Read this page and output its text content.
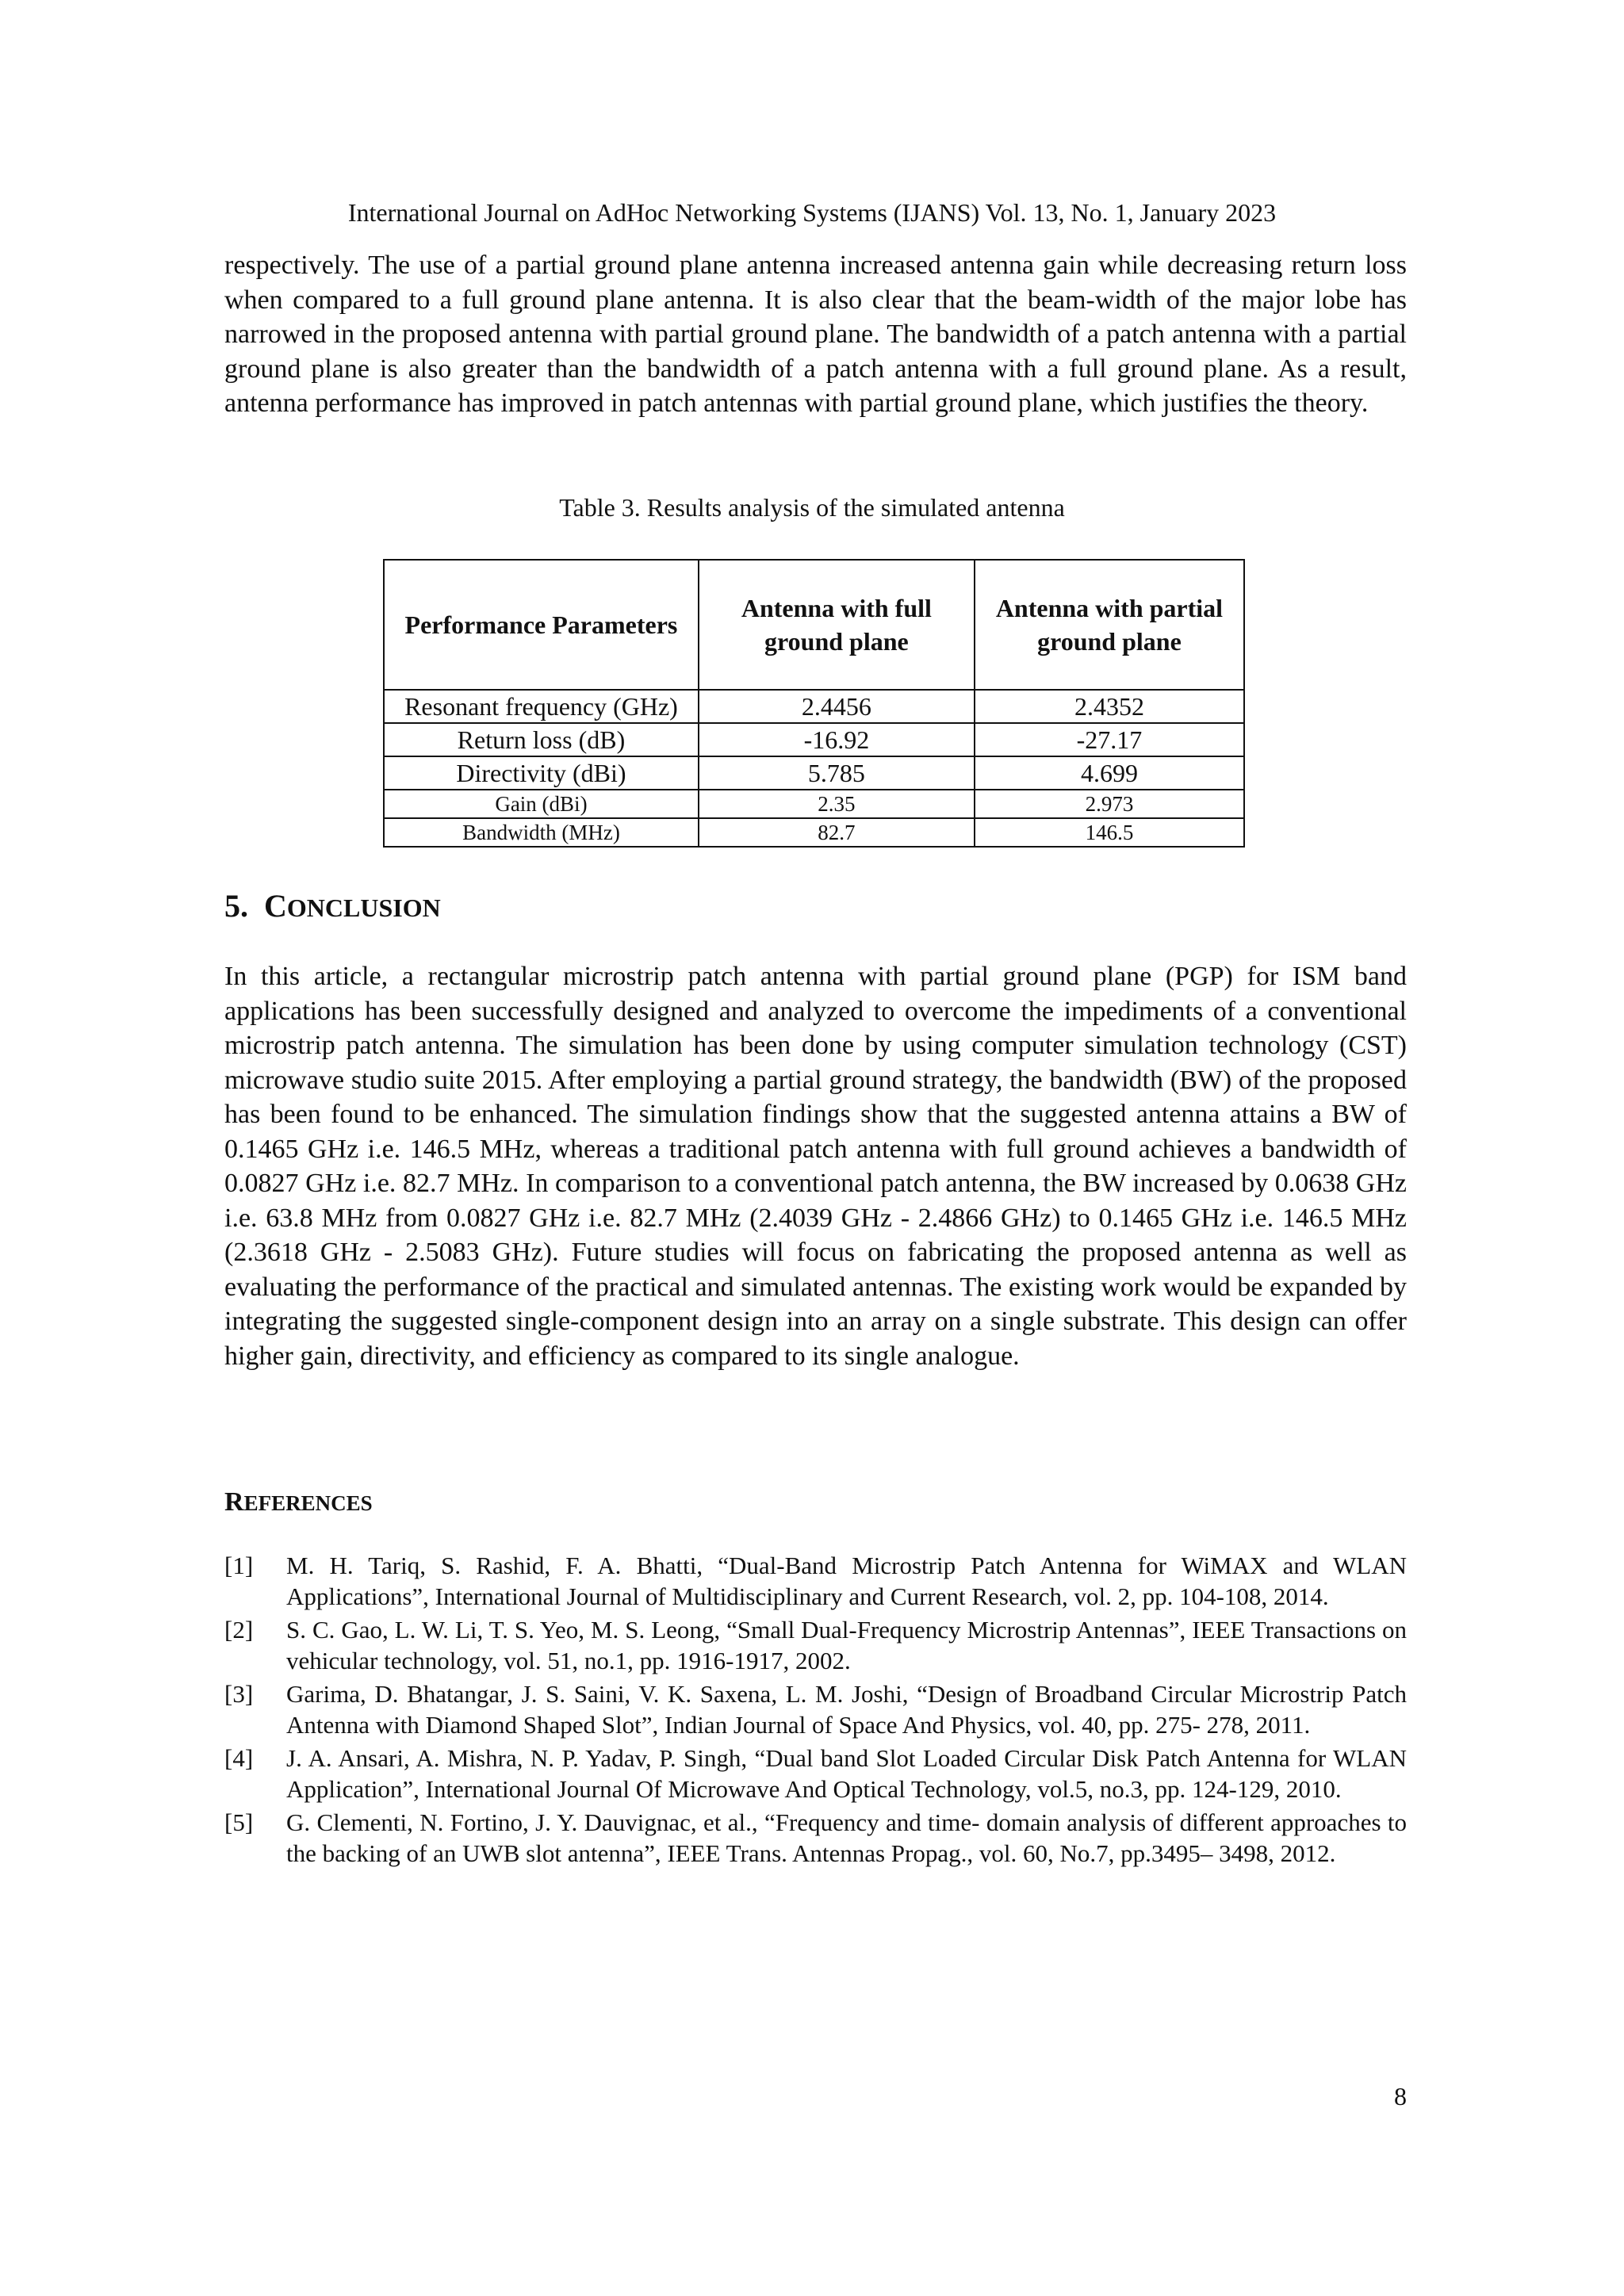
International Journal on AdHoc Networking Systems (IJANS) Vol. 13, No. 1, January 2023

respectively. The use of a partial ground plane antenna increased antenna gain while decreasing return loss when compared to a full ground plane antenna. It is also clear that the beam-width of the major lobe has narrowed in the proposed antenna with partial ground plane. The bandwidth of a patch antenna with a partial ground plane is also greater than the bandwidth of a patch antenna with a full ground plane. As a result, antenna performance has improved in patch antennas with partial ground plane, which justifies the theory.

Table 3. Results analysis of the simulated antenna
Performance Parameters	Antenna with full ground plane	Antenna with partial ground plane

Resonant frequency (GHz)	2.4456	2.4352
Return loss (dB)	-16.92	-27.17
Directivity (dBi)	5.785	4.699
Gain (dBi)	2.35	2.973
Bandwidth (MHz)	82.7	146.5
5. CONCLUSION

In this article, a rectangular microstrip patch antenna with partial ground plane (PGP) for ISM band applications has been successfully designed and analyzed to overcome the impediments of a conventional microstrip patch antenna. The simulation has been done by using computer simulation technology (CST) microwave studio suite 2015. After employing a partial ground strategy, the bandwidth (BW) of the proposed has been found to be enhanced. The simulation findings show that the suggested antenna attains a BW of 0.1465 GHz i.e. 146.5 MHz, whereas a traditional patch antenna with full ground achieves a bandwidth of 0.0827 GHz i.e. 82.7 MHz. In comparison to a conventional patch antenna, the BW increased by 0.0638 GHz i.e. 63.8 MHz from 0.0827 GHz i.e. 82.7 MHz (2.4039 GHz - 2.4866 GHz) to 0.1465 GHz i.e. 146.5 MHz (2.3618 GHz - 2.5083 GHz). Future studies will focus on fabricating the proposed antenna as well as evaluating the performance of the practical and simulated antennas. The existing work would be expanded by integrating the suggested single-component design into an array on a single substrate. This design can offer higher gain, directivity, and efficiency as compared to its single analogue.

REFERENCES
[1]	M. H. Tariq, S. Rashid, F. A. Bhatti, “Dual-Band Microstrip Patch Antenna for WiMAX and WLAN Applications”, International Journal of Multidisciplinary and Current Research, vol. 2, pp. 104-108, 2014.
[2]	S. C. Gao, L. W. Li, T. S. Yeo, M. S. Leong, “Small Dual-Frequency Microstrip Antennas”, IEEE Transactions on vehicular technology, vol. 51, no.1, pp. 1916-1917, 2002.
[3]	Garima, D. Bhatangar, J. S. Saini, V. K. Saxena, L. M. Joshi, “Design of Broadband Circular Microstrip Patch Antenna with Diamond Shaped Slot”, Indian Journal of Space And Physics, vol. 40, pp. 275- 278, 2011.
[4]	J. A. Ansari, A. Mishra, N. P. Yadav, P. Singh, “Dual band Slot Loaded Circular Disk Patch Antenna for WLAN Application”, International Journal Of Microwave And Optical Technology, vol.5, no.3, pp. 124-129, 2010.
[5]	G. Clementi, N. Fortino, J. Y. Dauvignac, et al., “Frequency and time- domain analysis of different approaches to the backing of an UWB slot antenna”, IEEE Trans. Antennas Propag., vol. 60, No.7, pp.3495– 3498, 2012.
8
